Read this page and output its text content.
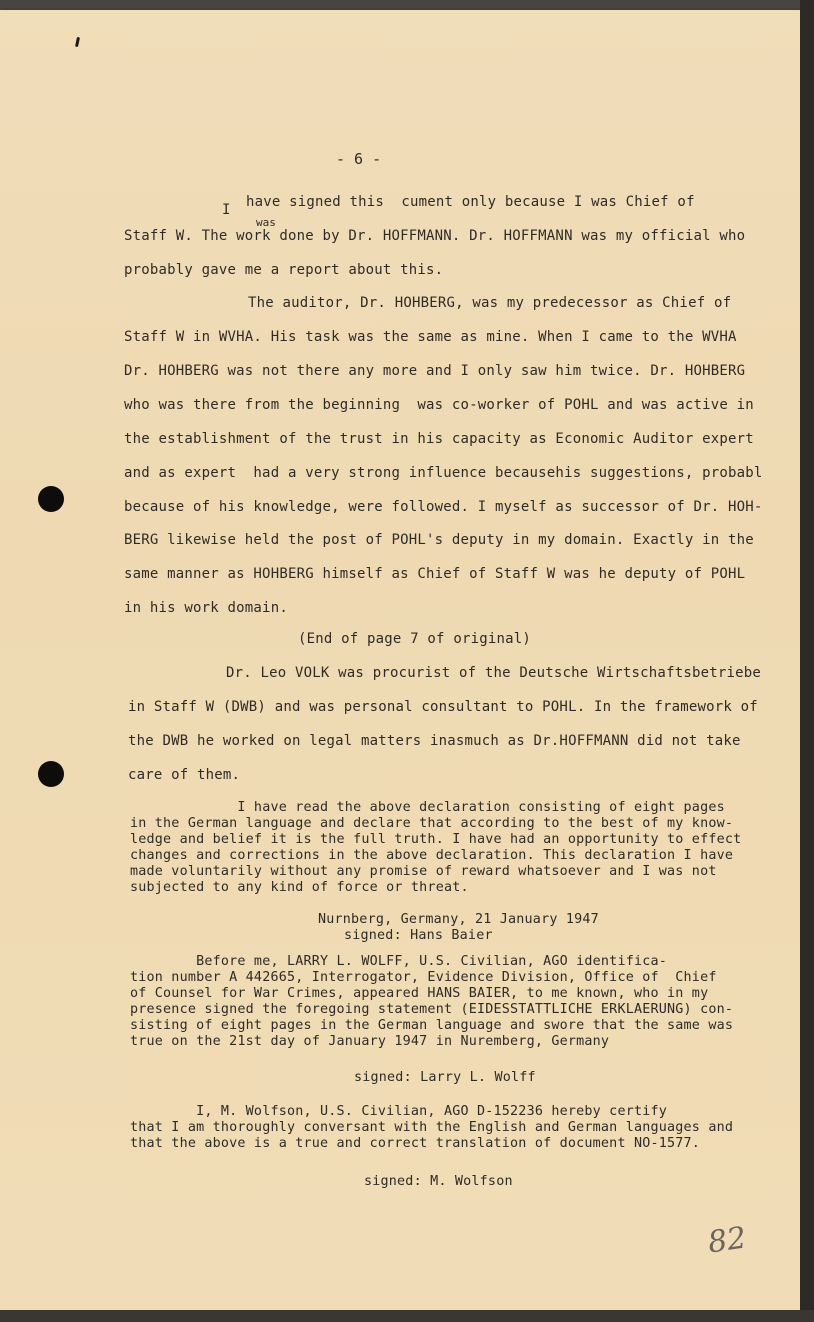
- 6 -
I have signed this  cument only because I was Chief of
was
Staff W. The work done by Dr. HOFFMANN. Dr. HOFFMANN was my official who
probably gave me a report about this.
The auditor, Dr. HOHBERG, was my predecessor as Chief of
Staff W in WVHA. His task was the same as mine. When I came to the WVHA
Dr. HOHBERG was not there any more and I only saw him twice. Dr. HOHBERG
who was there from the beginning  was co-worker of POHL and was active in
the establishment of the trust in his capacity as Economic Auditor expert
and as expert  had a very strong influence becausehis suggestions, probabl
because of his knowledge, were followed. I myself as successor of Dr. HOH-
BERG likewise held the post of POHL's deputy in my domain. Exactly in the
same manner as HOHBERG himself as Chief of Staff W was he deputy of POHL
in his work domain.
(End of page 7 of original)
Dr. Leo VOLK was procurist of the Deutsche Wirtschaftsbetriebe
in Staff W (DWB) and was personal consultant to POHL. In the framework of
the DWB he worked on legal matters inasmuch as Dr.HOFFMANN did not take
care of them.
I have read the above declaration consisting of eight pages
in the German language and declare that according to the best of my know-
ledge and belief it is the full truth. I have had an opportunity to effect
changes and corrections in the above declaration. This declaration I have
made voluntarily without any promise of reward whatsoever and I was not
subjected to any kind of force or threat.
Nurnberg, Germany, 21 January 1947
signed: Hans Baier
Before me, LARRY L. WOLFF, U.S. Civilian, AGO identifica-
tion number A 442665, Interrogator, Evidence Division, Office of  Chief
of Counsel for War Crimes, appeared HANS BAIER, to me known, who in my
presence signed the foregoing statement (EIDESSTATTLICHE ERKLAERUNG) con-
sisting of eight pages in the German language and swore that the same was
true on the 21st day of January 1947 in Nuremberg, Germany
signed: Larry L. Wolff
I, M. Wolfson, U.S. Civilian, AGO D-152236 hereby certify
that I am thoroughly conversant with the English and German languages and
that the above is a true and correct translation of document NO-1577.
signed: M. Wolfson
82
